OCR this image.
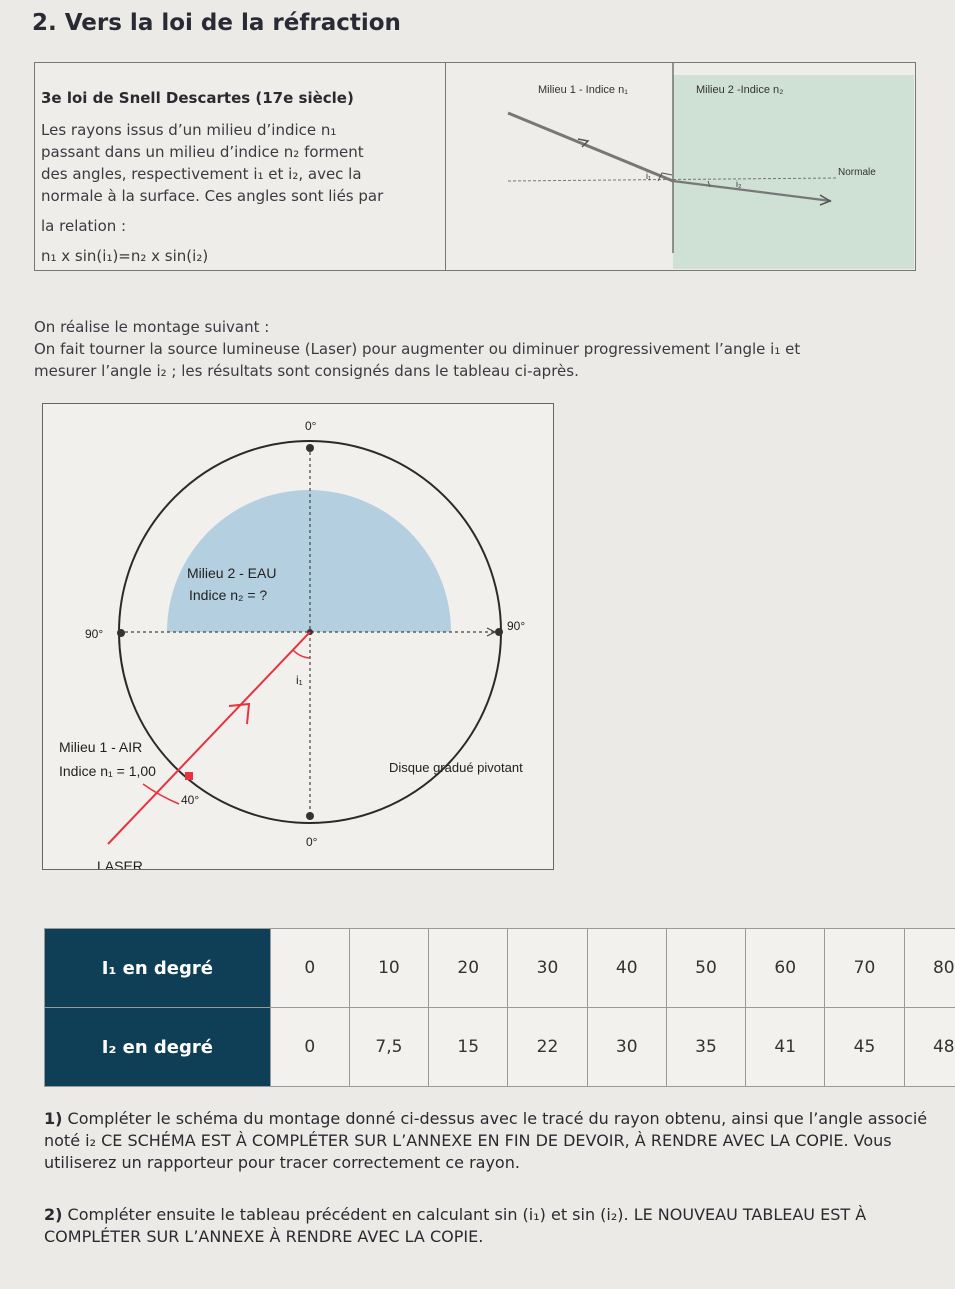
2. Vers la loi de la réfraction
3e loi de Snell Descartes (17e siècle)
Les rayons issus d’un milieu d’indice n₁
passant dans un milieu d’indice n₂ forment
des angles, respectivement i₁ et i₂, avec la
normale à la surface. Ces angles sont liés par
la relation :
n₁ x sin(i₁)=n₂ x sin(i₂)
Milieu 1 - Indice n₁	Milieu 2 -Indice n₂
i₁
i₂
Normale
On réalise le montage suivant :
On fait tourner la source lumineuse (Laser) pour augmenter ou diminuer progressivement l’angle i₁ et
mesurer l’angle i₂ ; les résultats sont consignés dans le tableau ci-après.
0°
0°
90°
90°
Milieu 2 - EAU
Indice n₂ = ?
i₁
Milieu 1 - AIR
Indice n₁ = 1,00	Disque gradué pivotant
40°
LASER
I₁ en degré	0	10	20	30	40	50	60	70	80
I₂ en degré	0	7,5	15	22	30	35	41	45	48
1) Compléter le schéma du montage donné ci-dessus avec le tracé du rayon obtenu, ainsi que l’angle associé noté i₂ CE SCHÉMA EST À COMPLÉTER SUR L’ANNEXE EN FIN DE DEVOIR, À RENDRE AVEC LA COPIE. Vous utiliserez un rapporteur pour tracer correctement ce rayon.
2) Compléter ensuite le tableau précédent en calculant sin (i₁) et sin (i₂). LE NOUVEAU TABLEAU EST À COMPLÉTER SUR L’ANNEXE À RENDRE AVEC LA COPIE.
